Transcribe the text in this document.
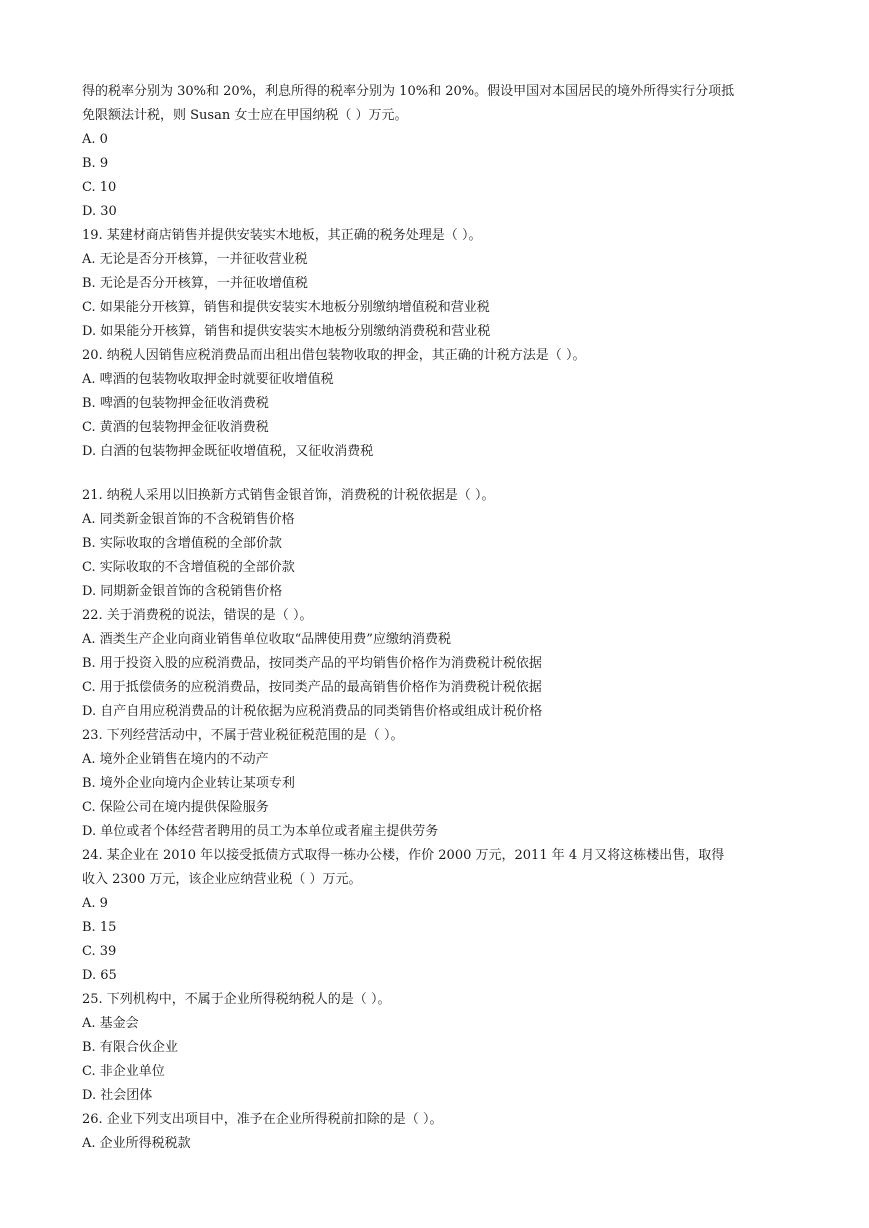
得的税率分别为 30%和 20%，利息所得的税率分别为 10%和 20%。假设甲国对本国居民的境外所得实行分项抵
免限额法计税，则 Susan 女士应在甲国纳税（ ）万元。
A. 0
B. 9
C. 10
D. 30
19. 某建材商店销售并提供安装实木地板，其正确的税务处理是（ ）。
A. 无论是否分开核算，一并征收营业税
B. 无论是否分开核算，一并征收增值税
C. 如果能分开核算，销售和提供安装实木地板分别缴纳增值税和营业税
D. 如果能分开核算，销售和提供安装实木地板分别缴纳消费税和营业税
20. 纳税人因销售应税消费品而出租出借包装物收取的押金，其正确的计税方法是（ ）。
A. 啤酒的包装物收取押金时就要征收增值税
B. 啤酒的包装物押金征收消费税
C. 黄酒的包装物押金征收消费税
D. 白酒的包装物押金既征收增值税，又征收消费税
21. 纳税人采用以旧换新方式销售金银首饰，消费税的计税依据是（ ）。
A. 同类新金银首饰的不含税销售价格
B. 实际收取的含增值税的全部价款
C. 实际收取的不含增值税的全部价款
D. 同期新金银首饰的含税销售价格
22. 关于消费税的说法，错误的是（ ）。
A. 酒类生产企业向商业销售单位收取“品牌使用费”应缴纳消费税
B. 用于投资入股的应税消费品，按同类产品的平均销售价格作为消费税计税依据
C. 用于抵偿债务的应税消费品，按同类产品的最高销售价格作为消费税计税依据
D. 自产自用应税消费品的计税依据为应税消费品的同类销售价格或组成计税价格
23. 下列经营活动中，不属于营业税征税范围的是（ ）。
A. 境外企业销售在境内的不动产
B. 境外企业向境内企业转让某项专利
C. 保险公司在境内提供保险服务
D. 单位或者个体经营者聘用的员工为本单位或者雇主提供劳务
24. 某企业在 2010 年以接受抵债方式取得一栋办公楼，作价 2000 万元，2011 年 4 月又将这栋楼出售，取得
收入 2300 万元，该企业应纳营业税（ ）万元。
A. 9
B. 15
C. 39
D. 65
25. 下列机构中，不属于企业所得税纳税人的是（ ）。
A. 基金会
B. 有限合伙企业
C. 非企业单位
D. 社会团体
26. 企业下列支出项目中，准予在企业所得税前扣除的是（ ）。
A. 企业所得税税款
